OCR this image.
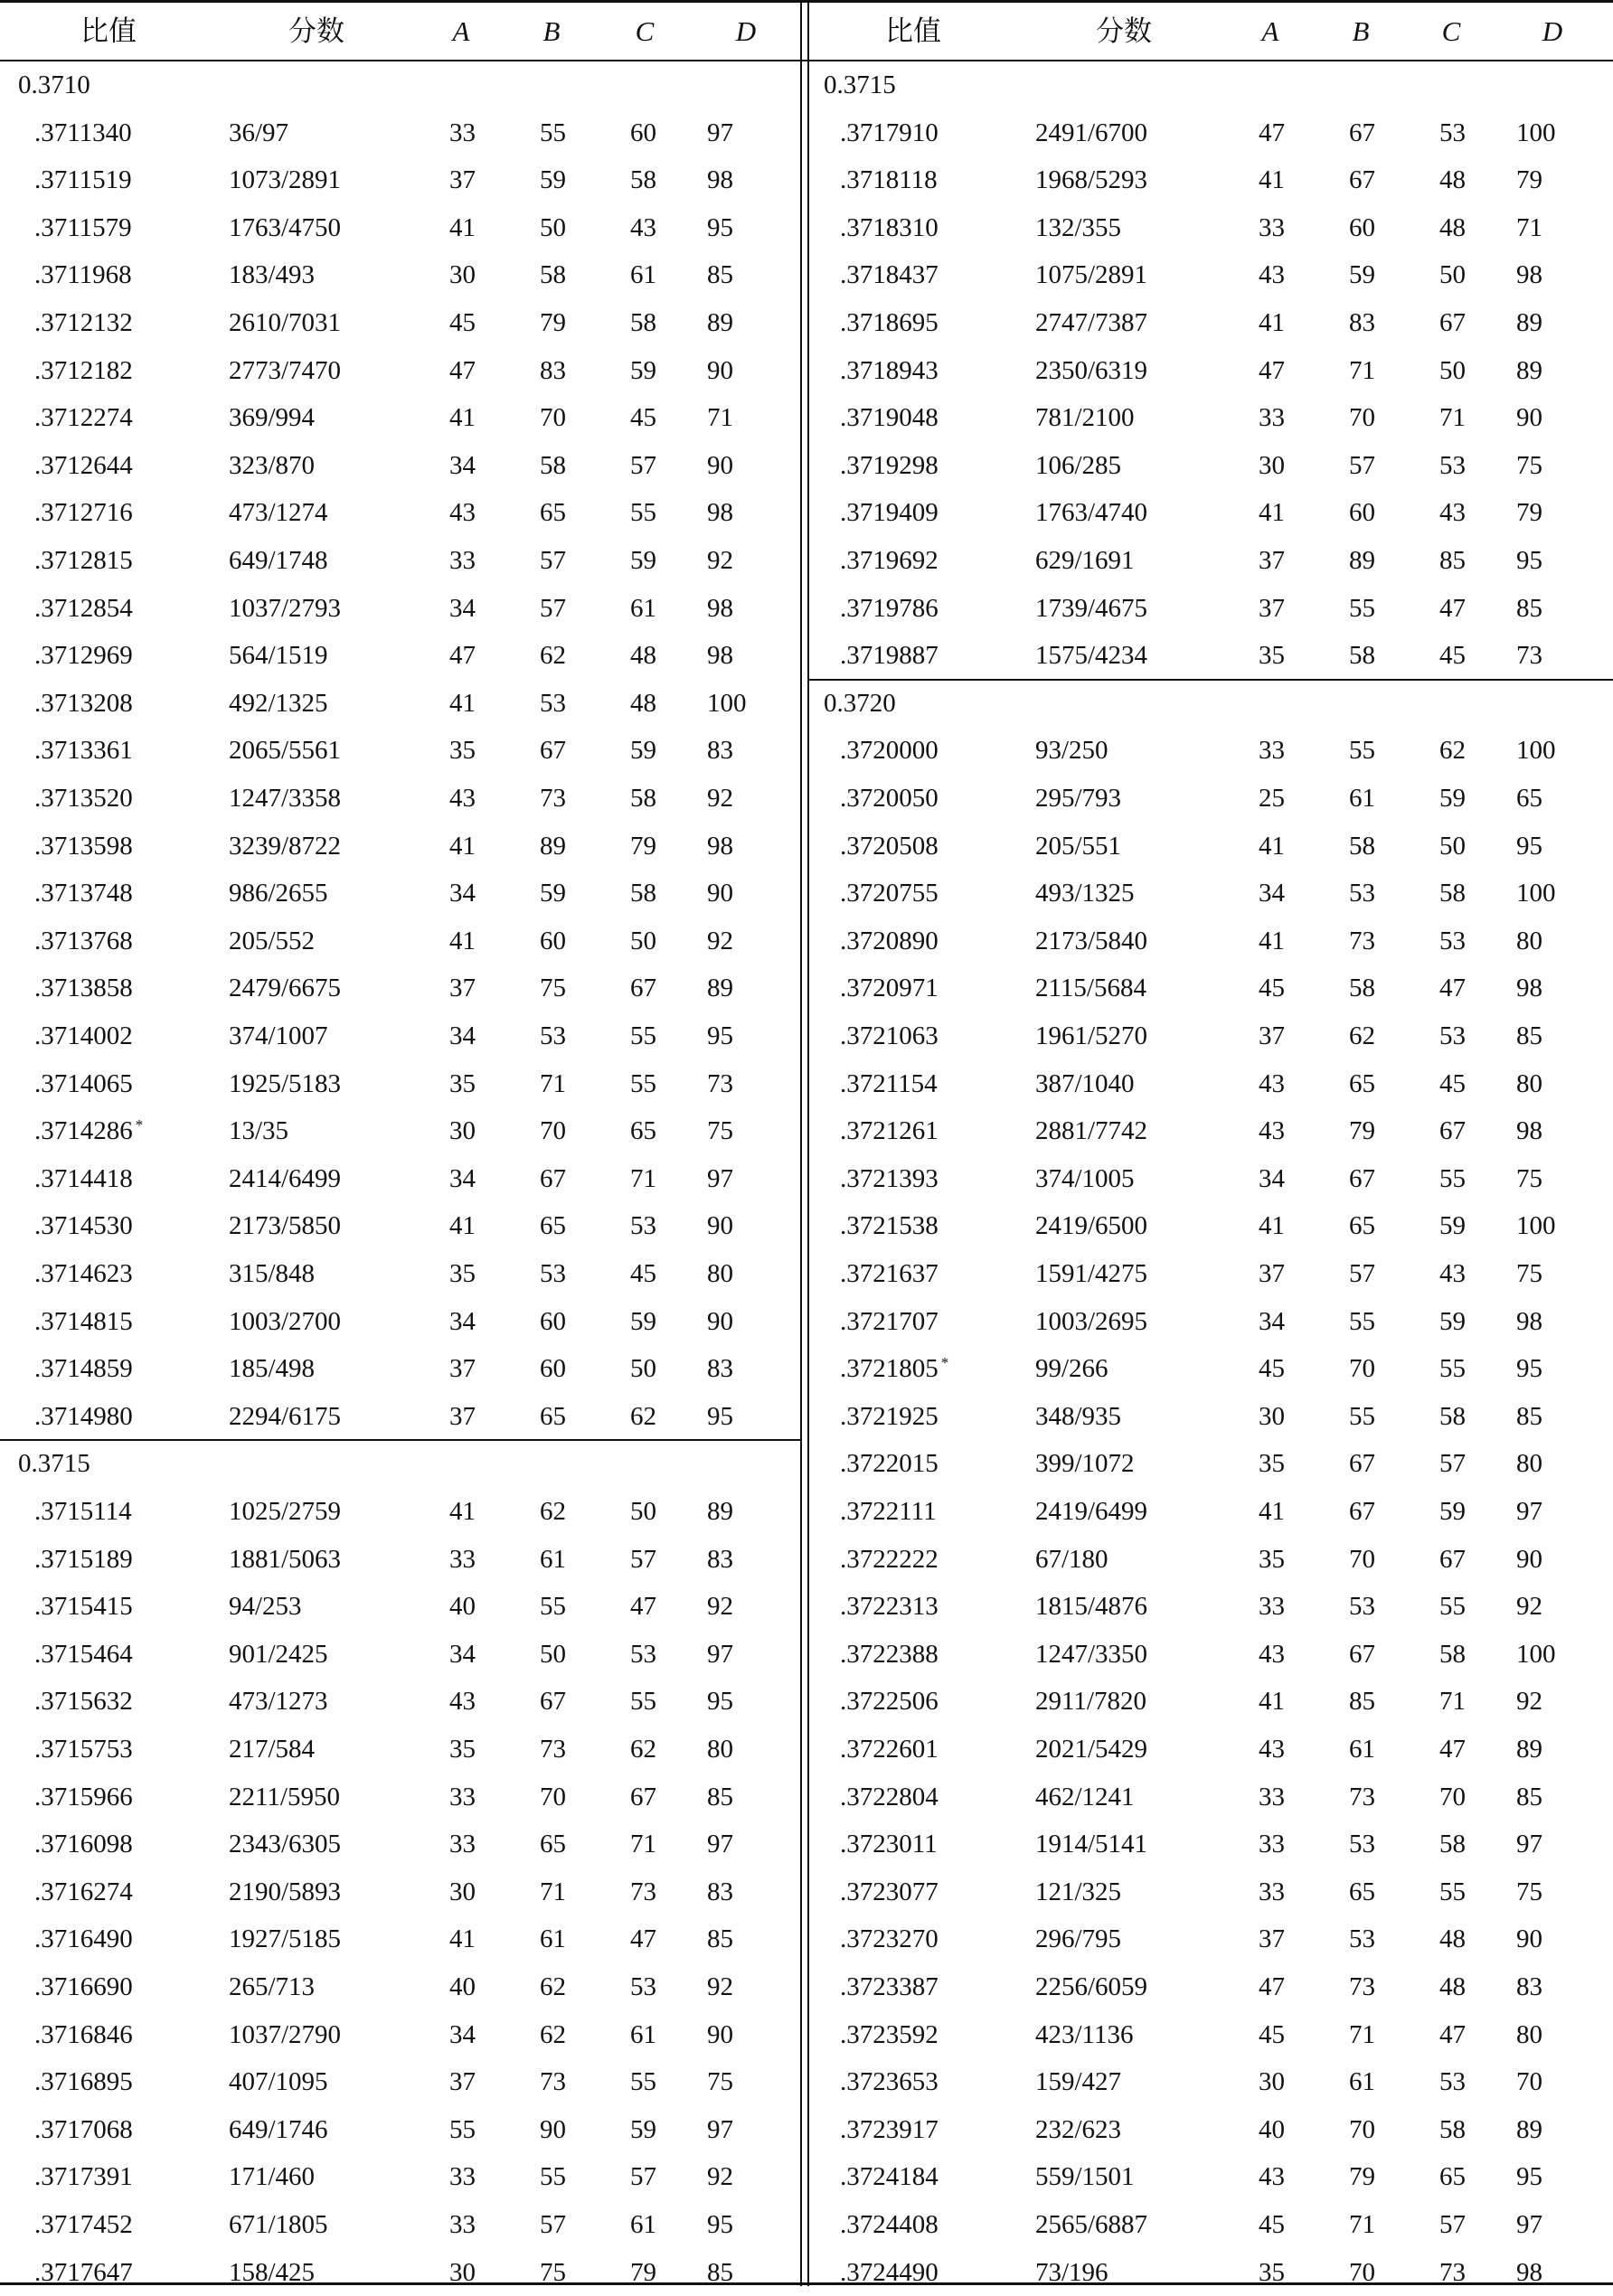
比值	分数	A	B	C	D
0.3710
.3711340	36/97	33 55 60 97
.3711519	1073/2891	37 59 58 98
.3711579	1763/4750	41 50 43 95
.3711968	183/493	30 58 61 85
.3712132	2610/7031	45 79 58 89
.3712182	2773/7470	47 83 59 90
.3712274	369/994	41 70 45 71
.3712644	323/870	34 58 57 90
.3712716	473/1274	43 65 55 98
.3712815	649/1748	33 57 59 92
.3712854	1037/2793	34 57 61 98
.3712969	564/1519	47 62 48 98
.3713208	492/1325	41 53 48 100
.3713361	2065/5561	35 67 59 83
.3713520	1247/3358	43 73 58 92
.3713598	3239/8722	41 89 79 98
.3713748	986/2655	34 59 58 90
.3713768	205/552	41 60 50 92
.3713858	2479/6675	37 75 67 89
.3714002	374/1007	34 53 55 95
.3714065	1925/5183	35 71 55 73
.3714286 *	13/35	30 70 65 75
.3714418	2414/6499	34 67 71 97
.3714530	2173/5850	41 65 53 90
.3714623	315/848	35 53 45 80
.3714815	1003/2700	34 60 59 90
.3714859	185/498	37 60 50 83
.3714980	2294/6175	37 65 62 95
0.3715
.3715114	1025/2759	41 62 50 89
.3715189	1881/5063	33 61 57 83
.3715415	94/253	40 55 47 92
.3715464	901/2425	34 50 53 97
.3715632	473/1273	43 67 55 95
.3715753	217/584	35 73 62 80
.3715966	2211/5950	33 70 67 85
.3716098	2343/6305	33 65 71 97
.3716274	2190/5893	30 71 73 83
.3716490	1927/5185	41 61 47 85
.3716690	265/713	40 62 53 92
.3716846	1037/2790	34 62 61 90
.3716895	407/1095	37 73 55 75
.3717068	649/1746	55 90 59 97
.3717391	171/460	33 55 57 92
.3717452	671/1805	33 57 61 95
.3717647	158/425	30 75 79 85
比值	分数	A	B	C	D
0.3715
.3717910	2491/6700	47 67 53 100
.3718118	1968/5293	41 67 48 79
.3718310	132/355	33 60 48 71
.3718437	1075/2891	43 59 50 98
.3718695	2747/7387	41 83 67 89
.3718943	2350/6319	47 71 50 89
.3719048	781/2100	33 70 71 90
.3719298	106/285	30 57 53 75
.3719409	1763/4740	41 60 43 79
.3719692	629/1691	37 89 85 95
.3719786	1739/4675	37 55 47 85
.3719887	1575/4234	35 58 45 73
0.3720
.3720000	93/250	33 55 62 100
.3720050	295/793	25 61 59 65
.3720508	205/551	41 58 50 95
.3720755	493/1325	34 53 58 100
.3720890	2173/5840	41 73 53 80
.3720971	2115/5684	45 58 47 98
.3721063	1961/5270	37 62 53 85
.3721154	387/1040	43 65 45 80
.3721261	2881/7742	43 79 67 98
.3721393	374/1005	34 67 55 75
.3721538	2419/6500	41 65 59 100
.3721637	1591/4275	37 57 43 75
.3721707	1003/2695	34 55 59 98
.3721805 *	99/266	45 70 55 95
.3721925	348/935	30 55 58 85
.3722015	399/1072	35 67 57 80
.3722111	2419/6499	41 67 59 97
.3722222	67/180	35 70 67 90
.3722313	1815/4876	33 53 55 92
.3722388	1247/3350	43 67 58 100
.3722506	2911/7820	41 85 71 92
.3722601	2021/5429	43 61 47 89
.3722804	462/1241	33 73 70 85
.3723011	1914/5141	33 53 58 97
.3723077	121/325	33 65 55 75
.3723270	296/795	37 53 48 90
.3723387	2256/6059	47 73 48 83
.3723592	423/1136	45 71 47 80
.3723653	159/427	30 61 53 70
.3723917	232/623	40 70 58 89
.3724184	559/1501	43 79 65 95
.3724408	2565/6887	45 71 57 97
.3724490	73/196	35 70 73 98
